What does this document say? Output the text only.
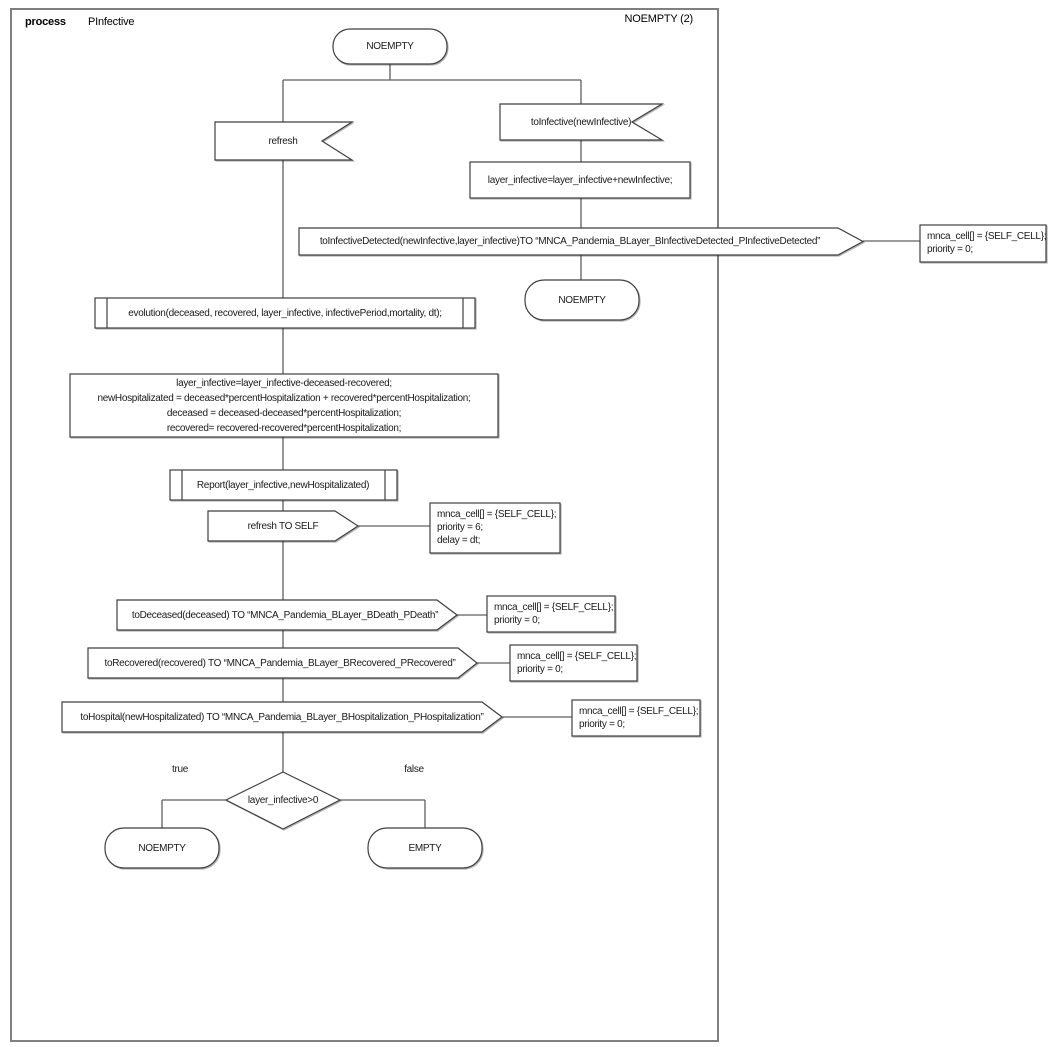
process PInfective	NOEMPTY (2)
NOEMPTY
refresh
toInfective(newInfective)
layer_infective=layer_infective+newInfective;
toInfectiveDetected(newInfective,layer_infective)TO “MNCA_Pandemia_BLayer_BInfectiveDetected_PInfectiveDetected”
NOEMPTY
evolution(deceased, recovered, layer_infective, infectivePeriod,mortality, dt);
layer_infective=layer_infective-deceased-recovered;
newHospitalizated = deceased*percentHospitalization + recovered*percentHospitalization;
deceased = deceased-deceased*percentHospitalization;
recovered= recovered-recovered*percentHospitalization;
Report(layer_infective,newHospitalizated)
refresh TO SELF
toDeceased(deceased) TO “MNCA_Pandemia_BLayer_BDeath_PDeath”
toRecovered(recovered) TO “MNCA_Pandemia_BLayer_BRecovered_PRecovered”
toHospital(newHospitalizated) TO “MNCA_Pandemia_BLayer_BHospitalization_PHospitalization”
layer_infective>0
true	false
NOEMPTY	EMPTY
mnca_cell[] = {SELF_CELL};
priority = 0;
mnca_cell[] = {SELF_CELL};
priority = 6;
delay = dt;
mnca_cell[] = {SELF_CELL};
priority = 0;
mnca_cell[] = {SELF_CELL};
priority = 0;
mnca_cell[] = {SELF_CELL};
priority = 0;
